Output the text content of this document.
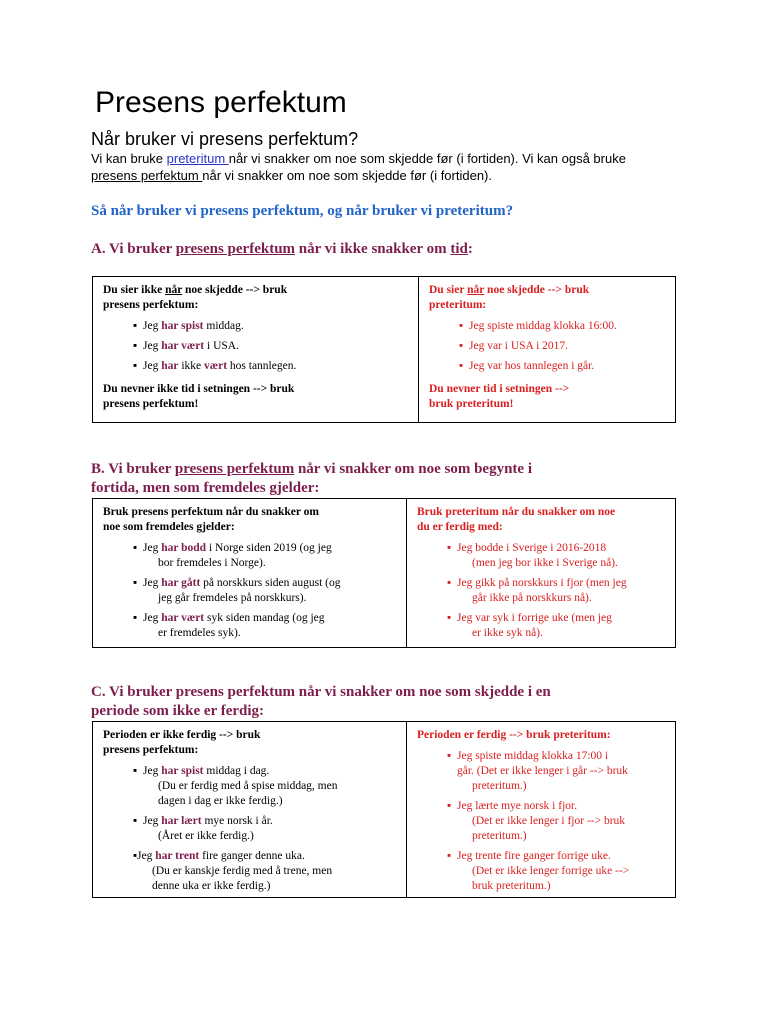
Presens perfektum
Når bruker vi presens perfektum?
Vi kan bruke preteritum når vi snakker om noe som skjedde før (i fortiden). Vi kan også bruke
presens perfektum når vi snakker om noe som skjedde før (i fortiden).
Så når bruker vi presens perfektum, og når bruker vi preteritum?
A. Vi bruker presens perfektum når vi ikke snakker om tid:
Du sier ikke når noe skjedde --> bruk
presens perfektum:
▪ Jeg har spist middag.
▪ Jeg har vært i USA.
▪ Jeg har ikke vært hos tannlegen.
Du nevner ikke tid i setningen --> bruk
presens perfektum!
Du sier når noe skjedde --> bruk
preteritum:
▪ Jeg spiste middag klokka 16:00.
▪ Jeg var i USA i 2017.
▪ Jeg var hos tannlegen i går.
Du nevner tid i setningen -->
bruk preteritum!
B. Vi bruker presens perfektum når vi snakker om noe som begynte i
fortida, men som fremdeles gjelder:
Bruk presens perfektum når du snakker om
noe som fremdeles gjelder:
▪ Jeg har bodd i Norge siden 2019 (og jeg
bor fremdeles i Norge).
▪ Jeg har gått på norskkurs siden august (og
jeg går fremdeles på norskkurs).
▪ Jeg har vært syk siden mandag (og jeg
er fremdeles syk).
Bruk preteritum når du snakker om noe
du er ferdig med:
▪ Jeg bodde i Sverige i 2016-2018
(men jeg bor ikke i Sverige nå).
▪ Jeg gikk på norskkurs i fjor (men jeg
går ikke på norskkurs nå).
▪ Jeg var syk i forrige uke (men jeg
er ikke syk nå).
C. Vi bruker presens perfektum når vi snakker om noe som skjedde i en
periode som ikke er ferdig:
Perioden er ikke ferdig --> bruk
presens perfektum:
▪ Jeg har spist middag i dag.
(Du er ferdig med å spise middag, men
dagen i dag er ikke ferdig.)
▪ Jeg har lært mye norsk i år.
(Året er ikke ferdig.)
▪ Jeg har trent fire ganger denne uka.
(Du er kanskje ferdig med å trene, men
denne uka er ikke ferdig.)
Perioden er ferdig --> bruk preteritum:
▪ Jeg spiste middag klokka 17:00 i
går. (Det er ikke lenger i går --> bruk
preteritum.)
▪ Jeg lærte mye norsk i fjor.
(Det er ikke lenger i fjor --> bruk
preteritum.)
▪ Jeg trente fire ganger forrige uke.
(Det er ikke lenger forrige uke -->
bruk preteritum.)
